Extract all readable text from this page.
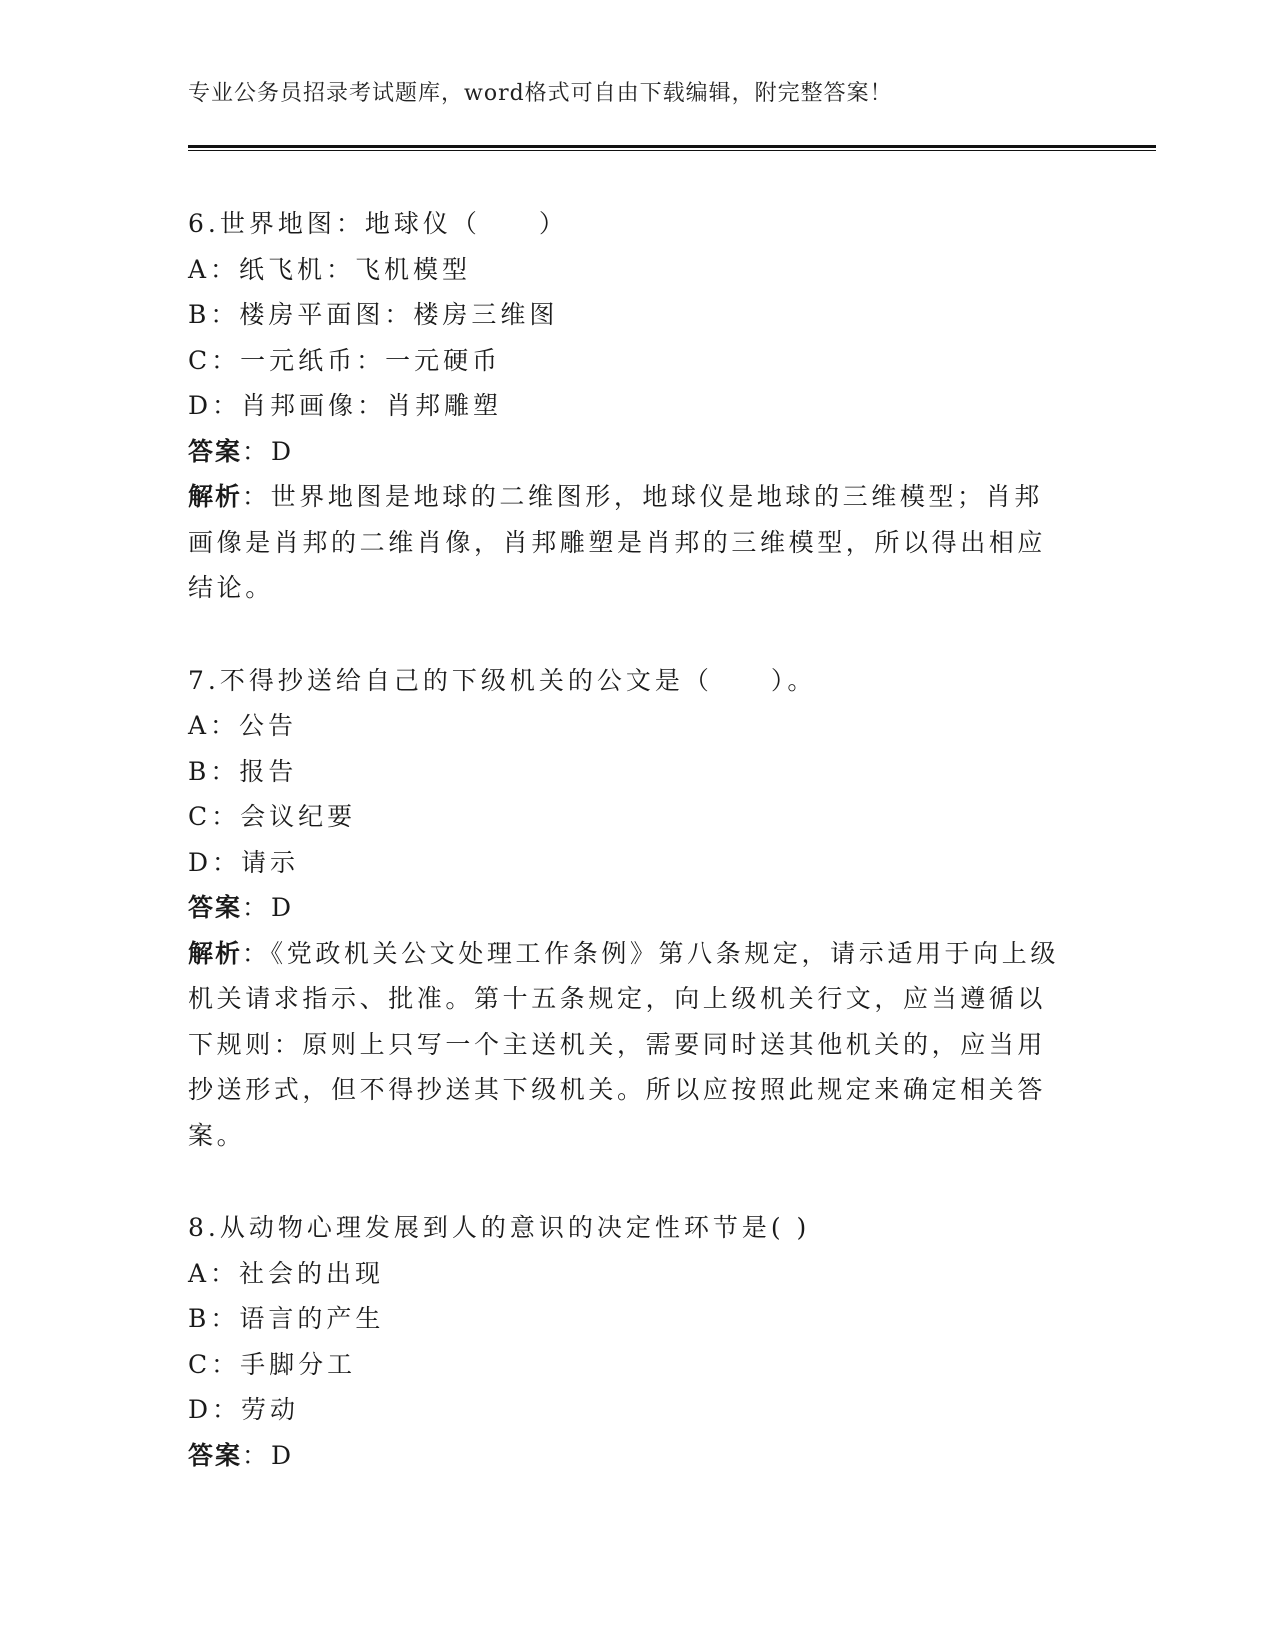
专业公务员招录考试题库，word格式可自由下载编辑，附完整答案！
6.世界地图：地球仪（　　）
A：纸飞机：飞机模型
B：楼房平面图：楼房三维图
C：一元纸币：一元硬币
D：肖邦画像：肖邦雕塑
答案：D
解析：世界地图是地球的二维图形，地球仪是地球的三维模型；肖邦画像是肖邦的二维肖像，肖邦雕塑是肖邦的三维模型，所以得出相应结论。
7.不得抄送给自己的下级机关的公文是（　　）。
A：公告
B：报告
C：会议纪要
D：请示
答案：D
解析：《党政机关公文处理工作条例》第八条规定，请示适用于向上级机关请求指示、批准。第十五条规定，向上级机关行文，应当遵循以下规则：原则上只写一个主送机关，需要同时送其他机关的，应当用抄送形式，但不得抄送其下级机关。所以应按照此规定来确定相关答案。
8.从动物心理发展到人的意识的决定性环节是( )
A：社会的出现
B：语言的产生
C：手脚分工
D：劳动
答案：D
